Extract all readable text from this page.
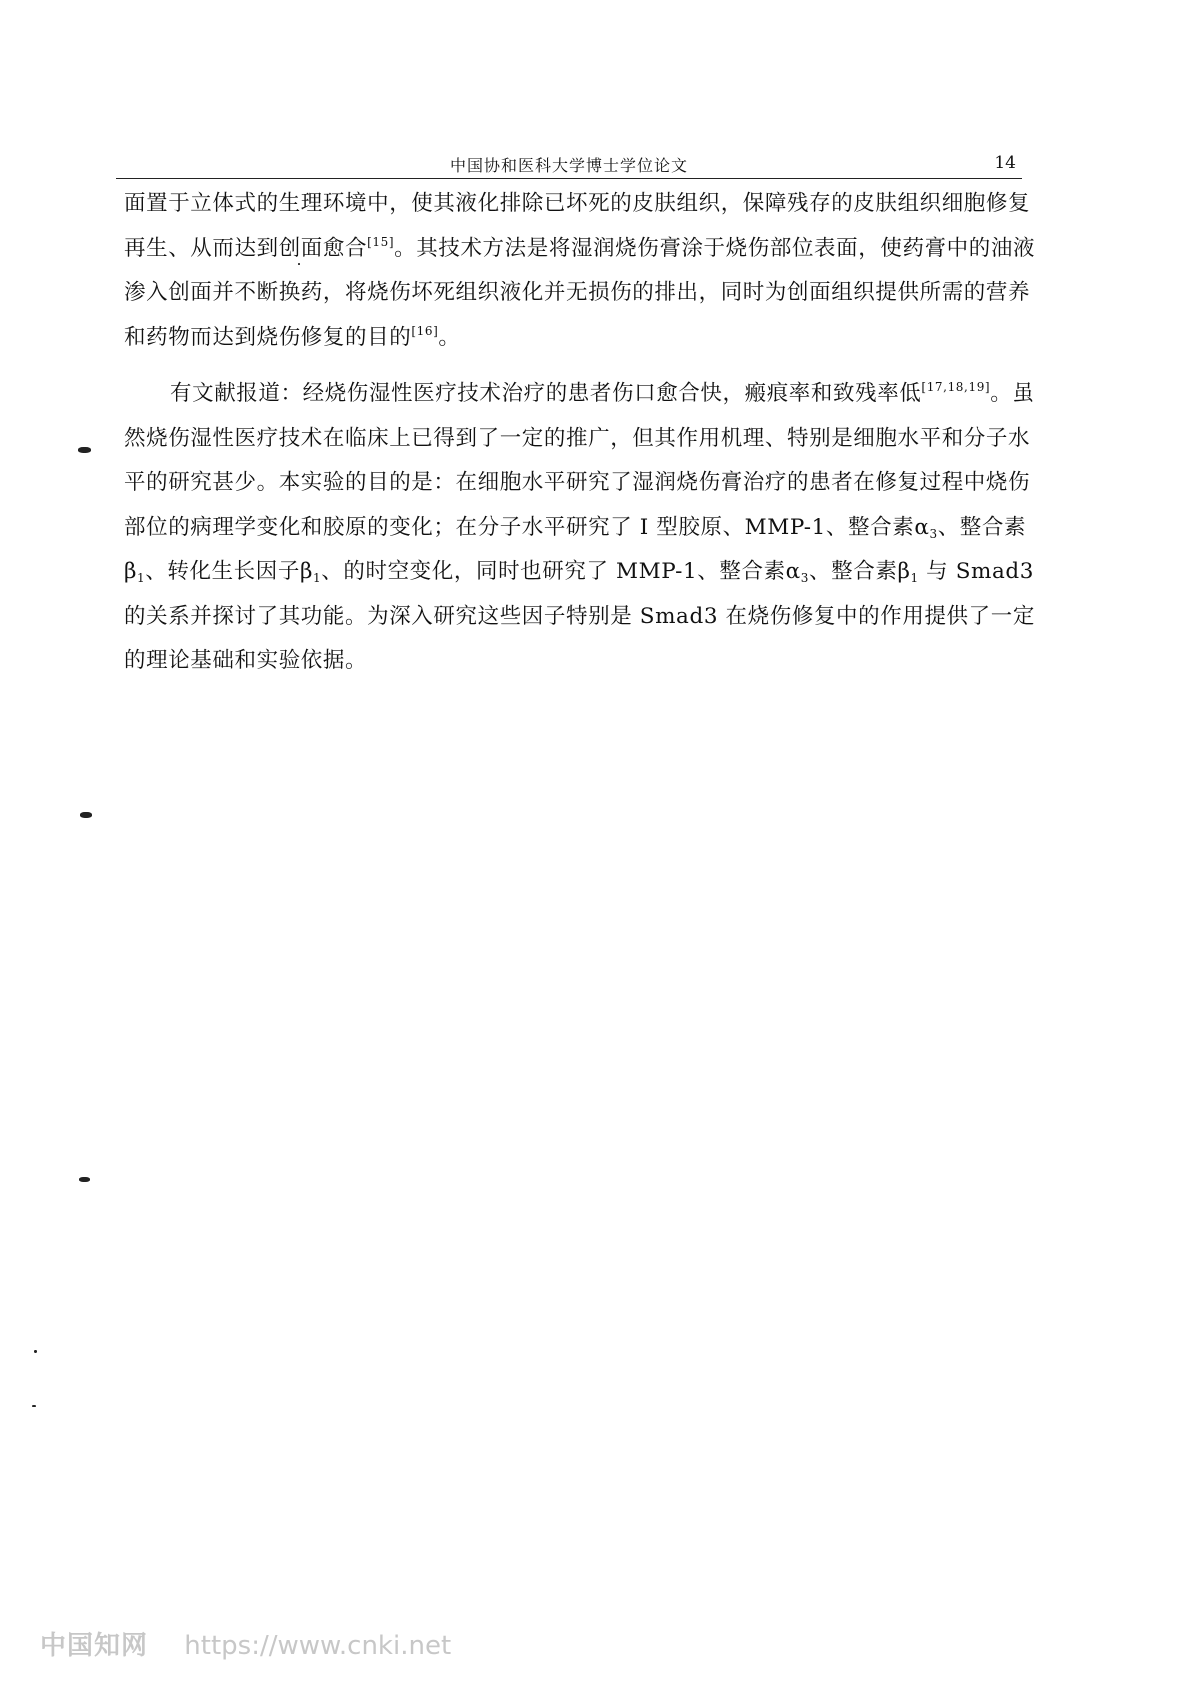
中国协和医科大学博士学位论文	14

面置于立体式的生理环境中，使其液化排除已坏死的皮肤组织，保障残存的皮肤组织细胞修复再生、从而达到创面愈合[15]。其技术方法是将湿润烧伤膏涂于烧伤部位表面，使药膏中的油液渗入创面并不断换药，将烧伤坏死组织液化并无损伤的排出，同时为创面组织提供所需的营养和药物而达到烧伤修复的目的[16]。

有文献报道：经烧伤湿性医疗技术治疗的患者伤口愈合快，瘢痕率和致残率低[17,18,19]。虽然烧伤湿性医疗技术在临床上已得到了一定的推广，但其作用机理、特别是细胞水平和分子水平的研究甚少。本实验的目的是：在细胞水平研究了湿润烧伤膏治疗的患者在修复过程中烧伤部位的病理学变化和胶原的变化；在分子水平研究了 I 型胶原、MMP-1、整合素$\alpha_3$、整合素$\beta_1$、转化生长因子$\beta_1$、的时空变化，同时也研究了 MMP-1、整合素$\alpha_3$、整合素$\beta_1$ 与 Smad3 的关系并探讨了其功能。为深入研究这些因子特别是 Smad3 在烧伤修复中的作用提供了一定的理论基础和实验依据。

中国知网 https://www.cnki.net
